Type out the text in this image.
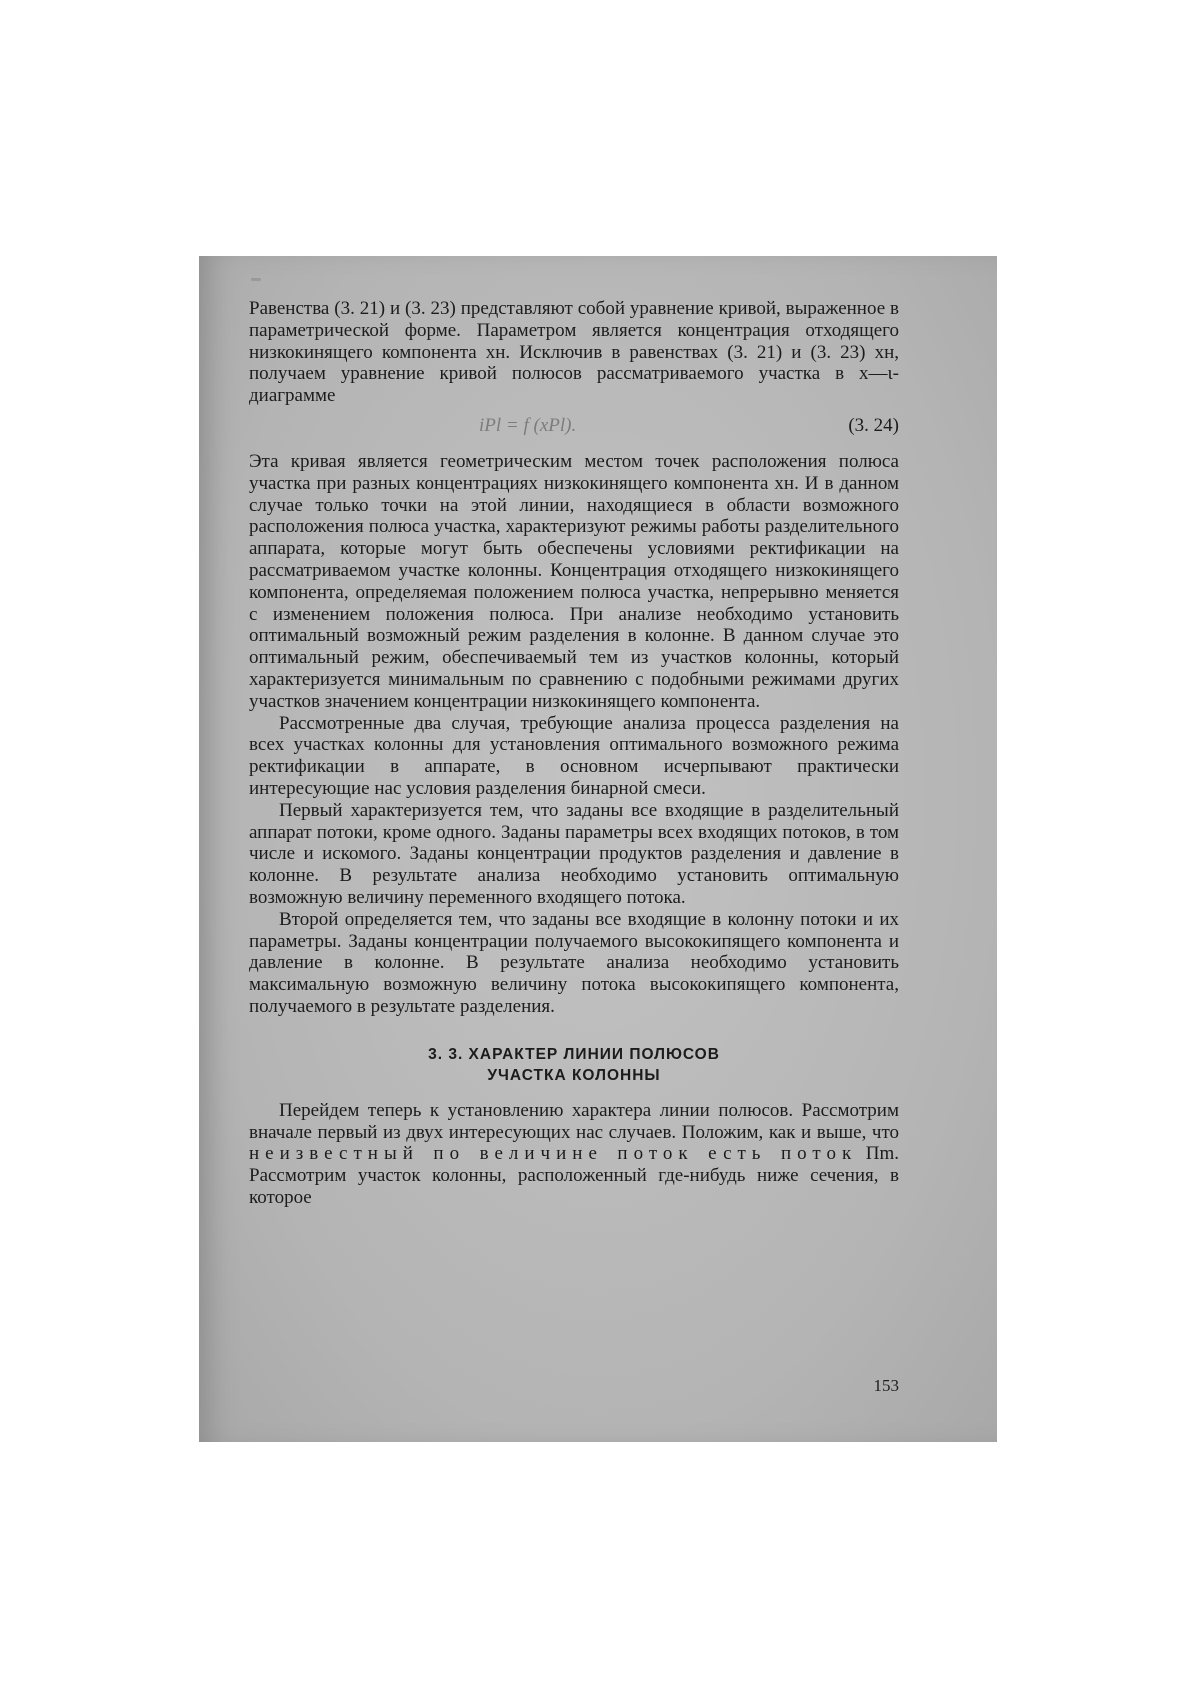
Равенства (3. 21) и (3. 23) представляют собой уравнение кривой, выраженное в параметрической форме. Параметром является концентрация отходящего низкокинящего компонента xн. Исключив в равенствах (3. 21) и (3. 23) xн, получаем уравнение кривой полюсов рассматриваемого участка в x—ι-диаграмме

iPl = f (xPl).	(3. 24)

Эта кривая является геометрическим местом точек расположения полюса участка при разных концентрациях низкокинящего компонента xн. И в данном случае только точки на этой линии, находящиеся в области возможного расположения полюса участка, характеризуют режимы работы разделительного аппарата, которые могут быть обеспечены условиями ректификации на рассматриваемом участке колонны. Концентрация отходящего низкокинящего компонента, определяемая положением полюса участка, непрерывно меняется с изменением положения полюса. При анализе необходимо установить оптимальный возможный режим разделения в колонне. В данном случае это оптимальный режим, обеспечиваемый тем из участков колонны, который характеризуется минимальным по сравнению с подобными режимами других участков значением концентрации низкокинящего компонента.

Рассмотренные два случая, требующие анализа процесса разделения на всех участках колонны для установления оптимального возможного режима ректификации в аппарате, в основном исчерпывают практически интересующие нас условия разделения бинарной смеси.

Первый характеризуется тем, что заданы все входящие в разделительный аппарат потоки, кроме одного. Заданы параметры всех входящих потоков, в том числе и искомого. Заданы концентрации продуктов разделения и давление в колонне. В результате анализа необходимо установить оптимальную возможную величину переменного входящего потока.

Второй определяется тем, что заданы все входящие в колонну потоки и их параметры. Заданы концентрации получаемого высококипящего компонента и давление в колонне. В результате анализа необходимо установить максимальную возможную величину потока высококипящего компонента, получаемого в результате разделения.

3. 3. ХАРАКТЕР ЛИНИИ ПОЛЮСОВ
УЧАСТКА КОЛОННЫ

Перейдем теперь к установлению характера линии полюсов. Рассмотрим вначале первый из двух интересующих нас случаев. Положим, как и выше, что неизвестный по величине поток есть поток Пm. Рассмотрим участок колонны, расположенный где-нибудь ниже сечения, в которое

153
